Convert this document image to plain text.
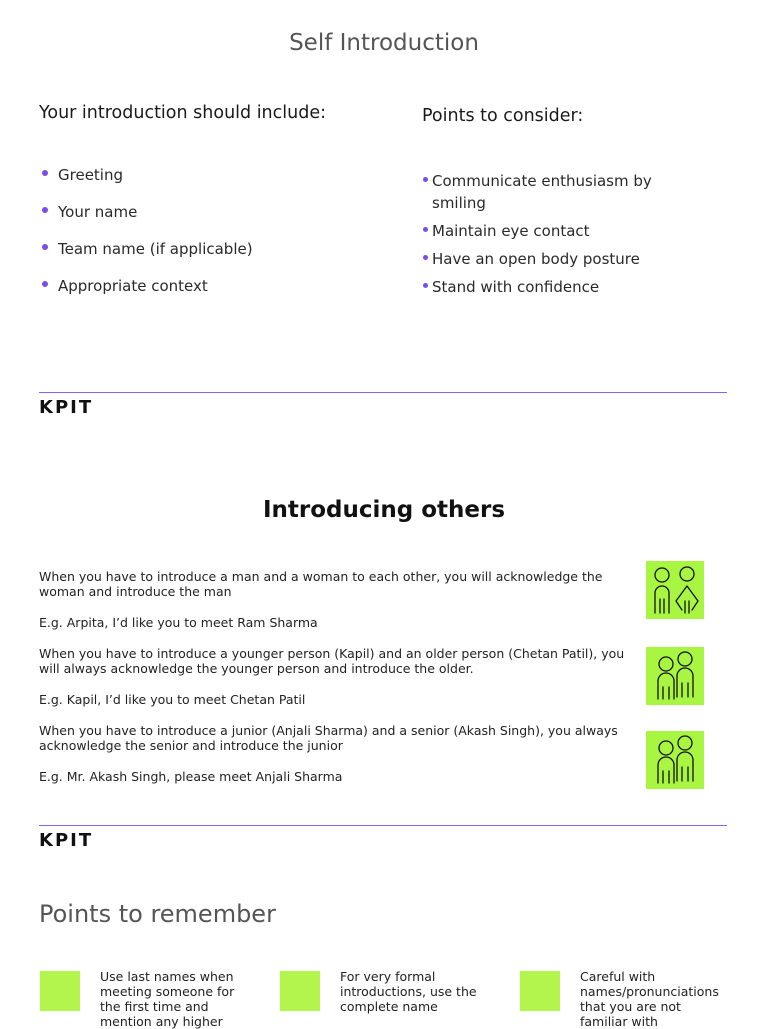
Self Introduction
Your introduction should include:
Greeting
Your name
Team name (if applicable)
Appropriate context
Points to consider:
Communicate enthusiasm by smiling
Maintain eye contact
Have an open body posture
Stand with confidence
KPIT
Introducing others
When you have to introduce a man and a woman to each other, you will acknowledge the woman and introduce the man
E.g. Arpita, I’d like you to meet Ram Sharma
When you have to introduce a younger person (Kapil) and an older person (Chetan Patil), you will always acknowledge the younger person and introduce the older.
E.g. Kapil, I’d like you to meet Chetan Patil
When you have to introduce a junior (Anjali Sharma) and a senior (Akash Singh), you always acknowledge the senior and introduce the junior
E.g. Mr. Akash Singh, please meet Anjali Sharma
KPIT
Points to remember
Use last names when meeting someone for the first time and mention any higher
For very formal introductions, use the complete name
Careful with names/pronunciations that you are not familiar with
